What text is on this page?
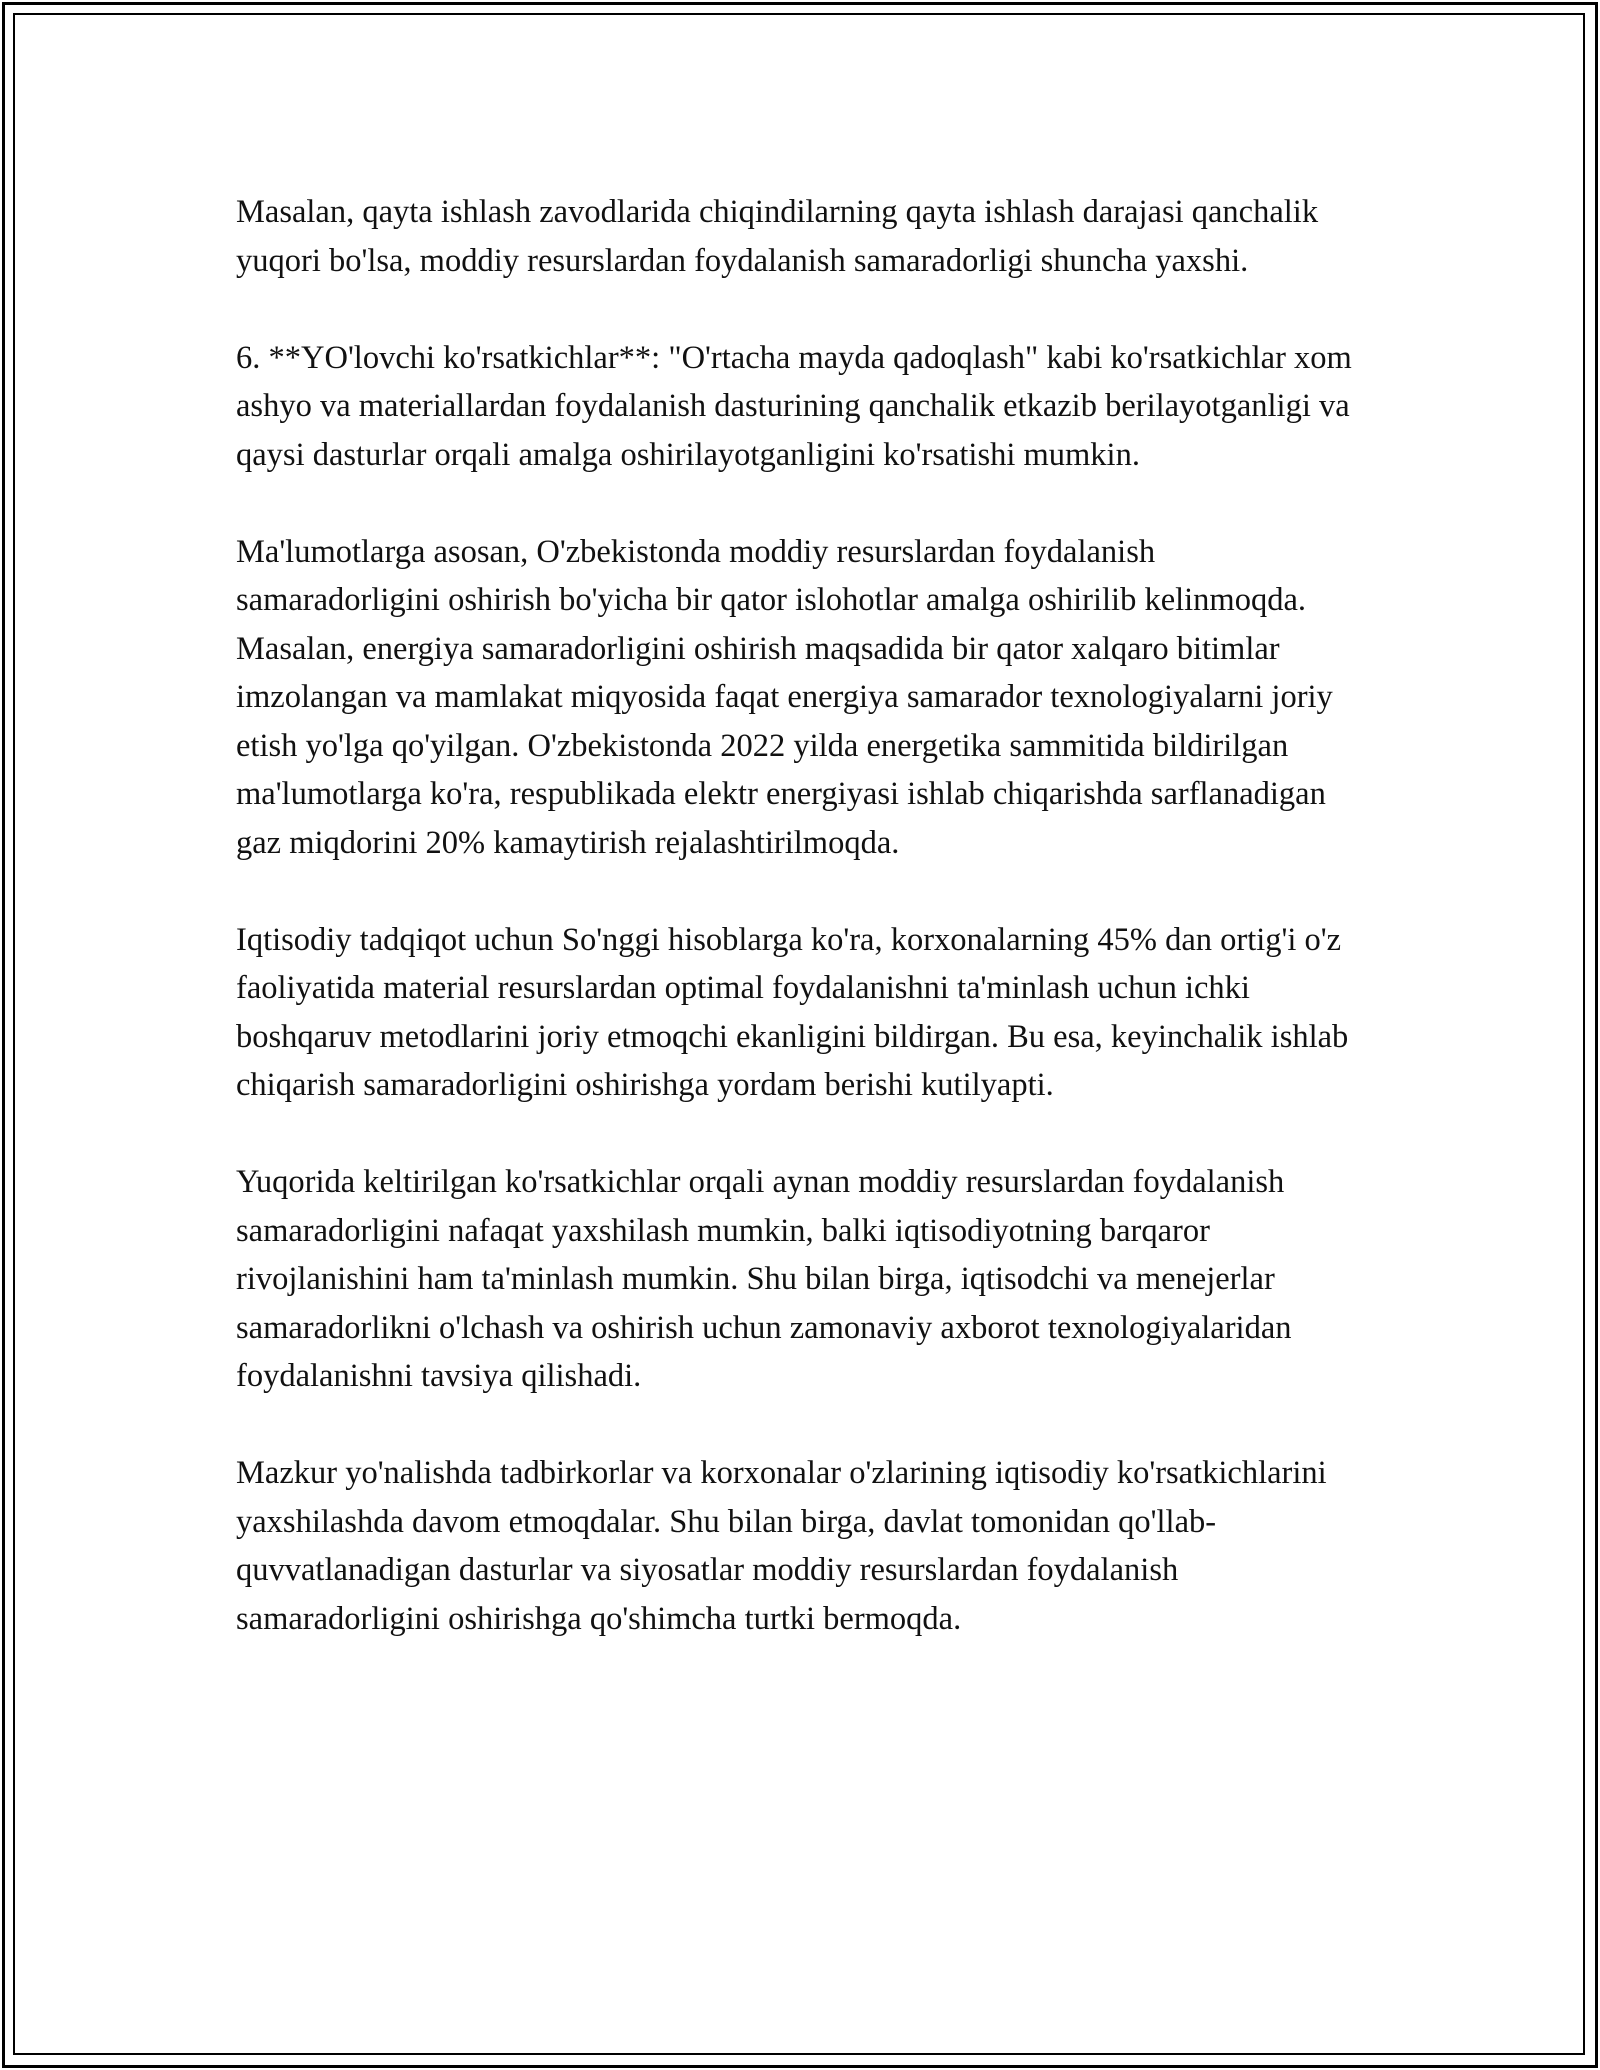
Masalan, qayta ishlash zavodlarida chiqindilarning qayta ishlash darajasi qanchalik yuqori bo'lsa, moddiy resurslardan foydalanish samaradorligi shuncha yaxshi.

6. **YO'lovchi ko'rsatkichlar**: "O'rtacha mayda qadoqlash" kabi ko'rsatkichlar xom ashyo va materiallardan foydalanish dasturining qanchalik etkazib berilayotganligi va qaysi dasturlar orqali amalga oshirilayotganligini ko'rsatishi mumkin.

Ma'lumotlarga asosan, O'zbekistonda moddiy resurslardan foydalanish samaradorligini oshirish bo'yicha bir qator islohotlar amalga oshirilib kelinmoqda. Masalan, energiya samaradorligini oshirish maqsadida bir qator xalqaro bitimlar imzolangan va mamlakat miqyosida faqat energiya samarador texnologiyalarni joriy etish yo'lga qo'yilgan. O'zbekistonda 2022 yilda energetika sammitida bildirilgan ma'lumotlarga ko'ra, respublikada elektr energiyasi ishlab chiqarishda sarflanadigan gaz miqdorini 20% kamaytirish rejalashtirilmoqda.

Iqtisodiy tadqiqot uchun So'nggi hisoblarga ko'ra, korxonalarning 45% dan ortig'i o'z faoliyatida material resurslardan optimal foydalanishni ta'minlash uchun ichki boshqaruv metodlarini joriy etmoqchi ekanligini bildirgan. Bu esa, keyinchalik ishlab chiqarish samaradorligini oshirishga yordam berishi kutilyapti.

Yuqorida keltirilgan ko'rsatkichlar orqali aynan moddiy resurslardan foydalanish samaradorligini nafaqat yaxshilash mumkin, balki iqtisodiyotning barqaror rivojlanishini ham ta'minlash mumkin. Shu bilan birga, iqtisodchi va menejerlar samaradorlikni o'lchash va oshirish uchun zamonaviy axborot texnologiyalaridan foydalanishni tavsiya qilishadi.

Mazkur yo'nalishda tadbirkorlar va korxonalar o'zlarining iqtisodiy ko'rsatkichlarini yaxshilashda davom etmoqdalar. Shu bilan birga, davlat tomonidan qo'llab-quvvatlanadigan dasturlar va siyosatlar moddiy resurslardan foydalanish samaradorligini oshirishga qo'shimcha turtki bermoqda.
